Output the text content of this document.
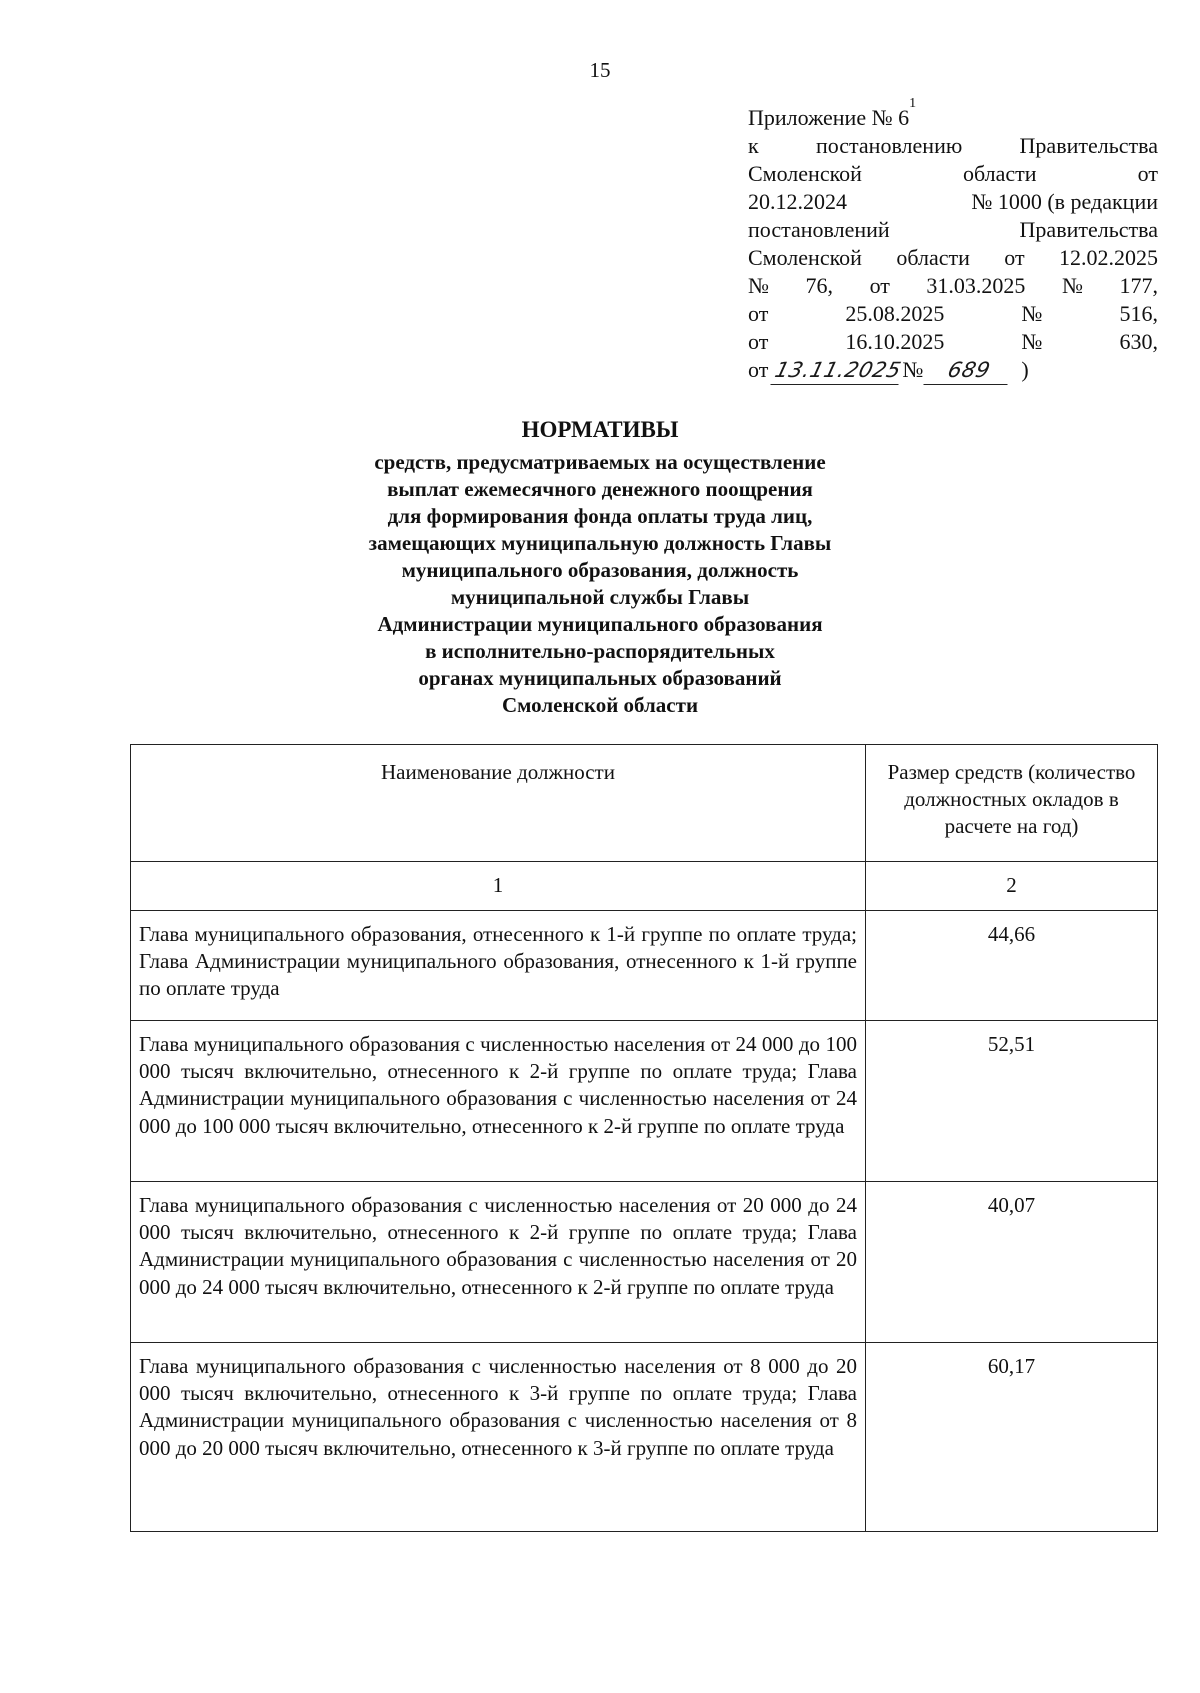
15
Приложение № 6
1
к	постановлению	Правительства
Смоленской	области	от
20.12.2024	№ 1000 (в редакции
постановлений	Правительства
Смоленской области от 12.02.2025
№ 76, от 31.03.2025 № 177,
от	25.08.2025	№	516,
от	16.10.2025	№	630,
от 13.11.2025
№	689	)
НОРМАТИВЫ
средств, предусматриваемых на осуществление
выплат ежемесячного денежного поощрения
для формирования фонда оплаты труда лиц,
замещающих муниципальную должность Главы
муниципального образования, должность
муниципальной службы Главы
Администрации муниципального образования
в исполнительно-распорядительных
органах муниципальных образований
Смоленской области
Наименование должности	Размер средств (количество должностных окладов в расчете на год)
1	2
Глава муниципального образования, отнесенного к 1-й группе по оплате труда; Глава Администрации муниципального образования, отнесенного к 1-й группе по оплате труда	44,66
Глава муниципального образования с численностью населения от 24 000 до 100 000 тысяч включительно, отнесенного к 2-й группе по оплате труда; Глава Администрации муниципального образования с численностью населения от 24 000 до 100 000 тысяч включительно, отнесенного к 2-й группе по оплате труда	52,51
Глава муниципального образования с численностью населения от 20 000 до 24 000 тысяч включительно, отнесенного к 2-й группе по оплате труда; Глава Администрации муниципального образования с численностью населения от 20 000 до 24 000 тысяч включительно, отнесенного к 2-й группе по оплате труда	40,07
Глава муниципального образования с численностью населения от 8 000 до 20 000 тысяч включительно, отнесенного к 3-й группе по оплате труда; Глава Администрации муниципального образования с численностью населения от 8 000 до 20 000 тысяч включительно, отнесенного к 3-й группе по оплате труда	60,17
